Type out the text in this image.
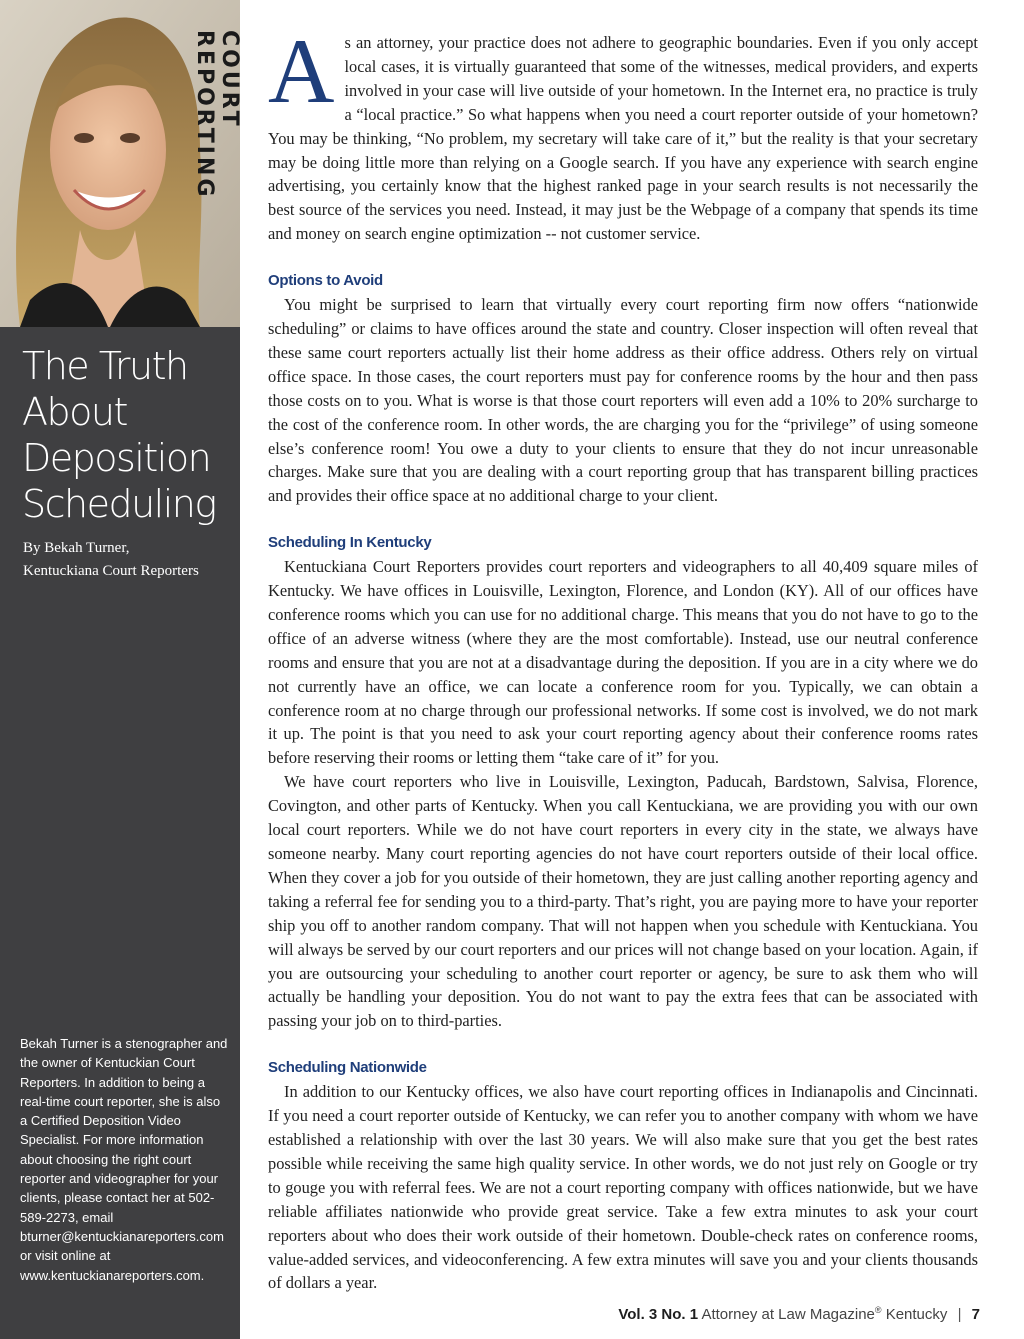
COURT REPORTING
The Truth
About
Deposition
Scheduling
By Bekah Turner,
Kentuckiana Court Reporters
Bekah Turner is a stenographer and the owner of Kentuckian Court Reporters. In addition to being a real-time court reporter, she is also a Certified Deposition Video Specialist. For more information about choosing the right court reporter and videographer for your clients, please contact her at 502-589-2273, email bturner@kentuckianareporters.com or visit online at www.kentuckianareporters.com.

As an attorney, your practice does not adhere to geographic boundaries. Even if you only accept local cases, it is virtually guaranteed that some of the witnesses, medical providers, and experts involved in your case will live outside of your hometown. In the Internet era, no practice is truly a “local practice.” So what happens when you need a court reporter outside of your hometown? You may be thinking, “No problem, my secretary will take care of it,” but the reality is that your secretary may be doing little more than relying on a Google search. If you have any experience with search engine advertising, you certainly know that the highest ranked page in your search results is not necessarily the best source of the services you need. Instead, it may just be the Webpage of a company that spends its time and money on search engine optimization -- not customer service.

Options to Avoid

You might be surprised to learn that virtually every court reporting firm now offers “nationwide scheduling” or claims to have offices around the state and country. Closer inspection will often reveal that these same court reporters actually list their home address as their office address. Others rely on virtual office space. In those cases, the court reporters must pay for conference rooms by the hour and then pass those costs on to you. What is worse is that those court reporters will even add a 10% to 20% surcharge to the cost of the conference room. In other words, the are charging you for the “privilege” of using someone else’s conference room! You owe a duty to your clients to ensure that they do not incur unreasonable charges. Make sure that you are dealing with a court reporting group that has transparent billing practices and provides their office space at no additional charge to your client.

Scheduling In Kentucky

Kentuckiana Court Reporters provides court reporters and videographers to all 40,409 square miles of Kentucky. We have offices in Louisville, Lexington, Florence, and London (KY). All of our offices have conference rooms which you can use for no additional charge. This means that you do not have to go to the office of an adverse witness (where they are the most comfortable). Instead, use our neutral conference rooms and ensure that you are not at a disadvantage during the deposition. If you are in a city where we do not currently have an office, we can locate a conference room for you. Typically, we can obtain a conference room at no charge through our professional networks. If some cost is involved, we do not mark it up. The point is that you need to ask your court reporting agency about their conference rooms rates before reserving their rooms or letting them “take care of it” for you.

We have court reporters who live in Louisville, Lexington, Paducah, Bardstown, Salvisa, Florence, Covington, and other parts of Kentucky. When you call Kentuckiana, we are providing you with our own local court reporters. While we do not have court reporters in every city in the state, we always have someone nearby. Many court reporting agencies do not have court reporters outside of their local office. When they cover a job for you outside of their hometown, they are just calling another reporting agency and taking a referral fee for sending you to a third-party. That’s right, you are paying more to have your reporter ship you off to another random company. That will not happen when you schedule with Kentuckiana. You will always be served by our court reporters and our prices will not change based on your location. Again, if you are outsourcing your scheduling to another court reporter or agency, be sure to ask them who will actually be handling your deposition. You do not want to pay the extra fees that can be associated with passing your job on to third-parties.

Scheduling Nationwide

In addition to our Kentucky offices, we also have court reporting offices in Indianapolis and Cincinnati. If you need a court reporter outside of Kentucky, we can refer you to another company with whom we have established a relationship with over the last 30 years. We will also make sure that you get the best rates possible while receiving the same high quality service. In other words, we do not just rely on Google or try to gouge you with referral fees. We are not a court reporting company with offices nationwide, but we have reliable affiliates nationwide who provide great service. Take a few extra minutes to ask your court reporters about who does their work outside of their hometown. Double-check rates on conference rooms, value-added services, and videoconferencing. A few extra minutes will save you and your clients thousands of dollars a year.

Vol. 3 No. 1 Attorney at Law Magazine® Kentucky | 7
